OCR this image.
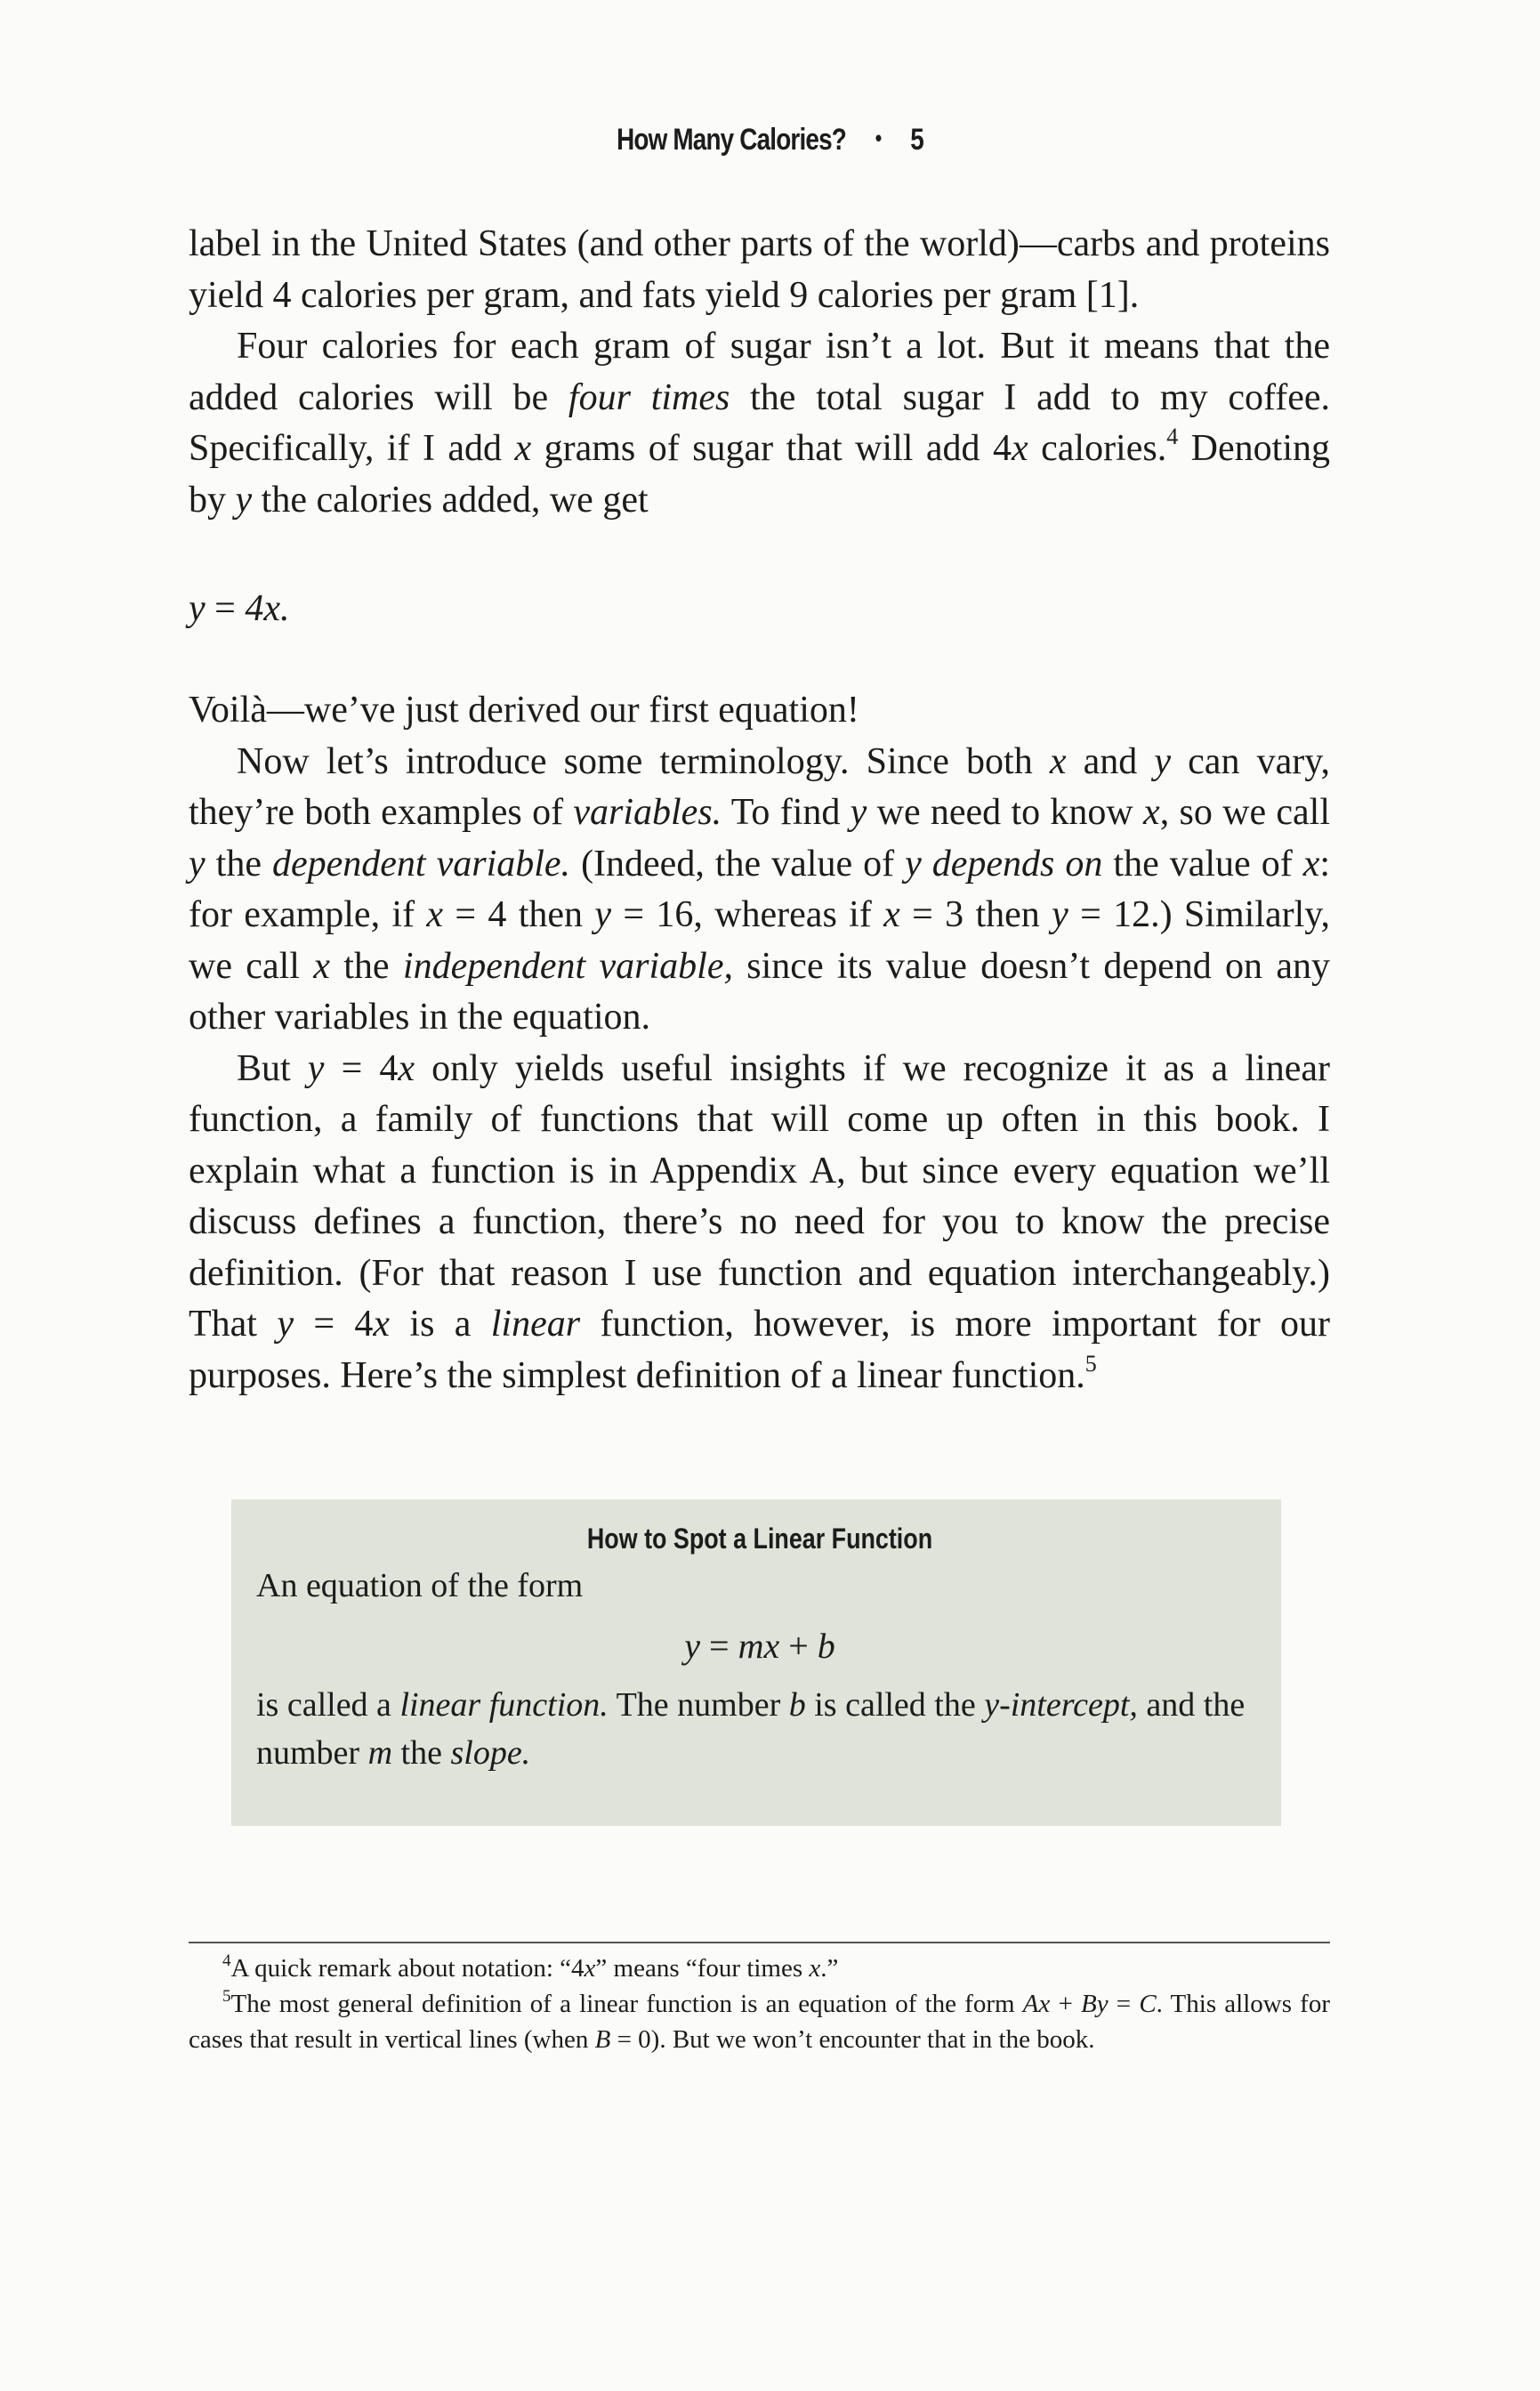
How Many Calories? • 5

label in the United States (and other parts of the world)—carbs and proteins yield 4 calories per gram, and fats yield 9 calories per gram [1].

Four calories for each gram of sugar isn’t a lot. But it means that the added calories will be four times the total sugar I add to my coffee. Specifically, if I add x grams of sugar that will add 4x calories.$^4$ Denoting by y the calories added, we get

y = 4x.

Voilà—we’ve just derived our first equation!

Now let’s introduce some terminology. Since both x and y can vary, they’re both examples of variables. To find y we need to know x, so we call y the dependent variable. (Indeed, the value of y depends on the value of x: for example, if x = 4 then y = 16, whereas if x = 3 then y = 12.) Similarly, we call x the independent variable, since its value doesn’t depend on any other variables in the equation.

But y = 4x only yields useful insights if we recognize it as a linear function, a family of functions that will come up often in this book. I explain what a function is in Appendix A, but since every equation we’ll discuss defines a function, there’s no need for you to know the precise definition. (For that reason I use function and equation interchangeably.) That y = 4x is a linear function, however, is more important for our purposes. Here’s the simplest definition of a linear function.$^5$

How to Spot a Linear Function

An equation of the form

y = mx + b

is called a linear function. The number b is called the y-intercept, and the number m the slope.

$^4$A quick remark about notation: “4x” means “four times x.”

$^5$The most general definition of a linear function is an equation of the form Ax + By = C. This allows for cases that result in vertical lines (when B = 0). But we won’t encounter that in the book.
